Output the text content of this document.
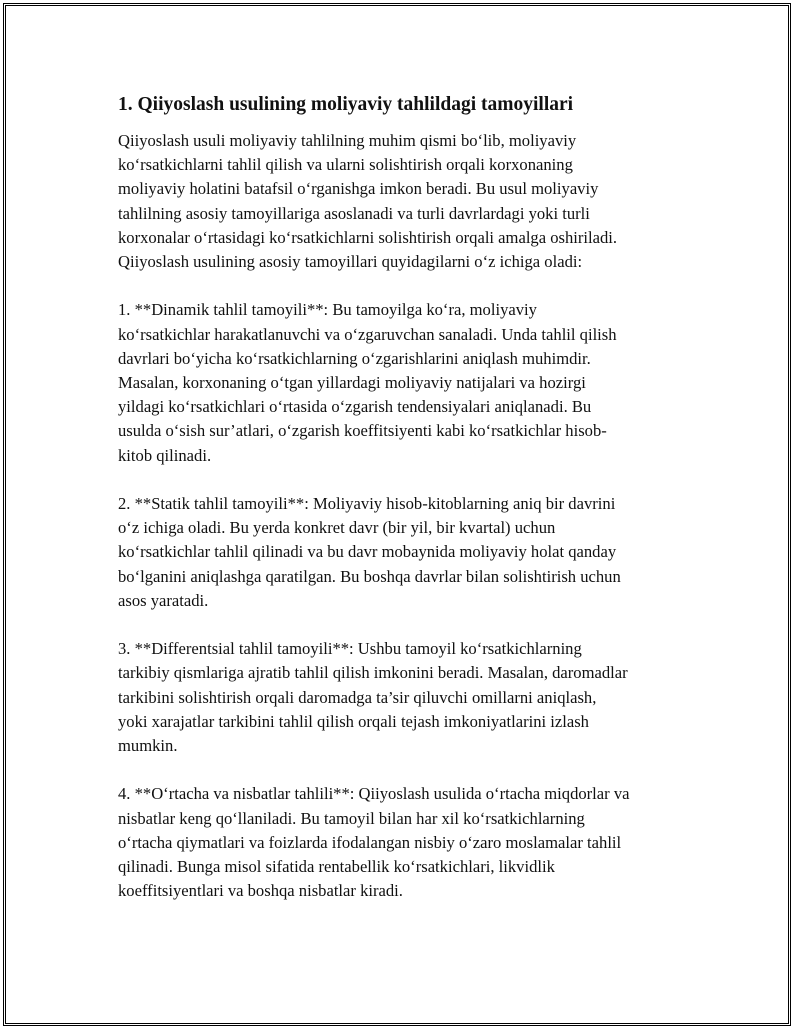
1. Qiiyoslash usulining moliyaviy tahlildagi tamoyillari

Qiiyoslash usuli moliyaviy tahlilning muhim qismi bo‘lib, moliyaviy
ko‘rsatkichlarni tahlil qilish va ularni solishtirish orqali korxonaning
moliyaviy holatini batafsil o‘rganishga imkon beradi. Bu usul moliyaviy
tahlilning asosiy tamoyillariga asoslanadi va turli davrlardagi yoki turli
korxonalar o‘rtasidagi ko‘rsatkichlarni solishtirish orqali amalga oshiriladi.
Qiiyoslash usulining asosiy tamoyillari quyidagilarni o‘z ichiga oladi:

1. **Dinamik tahlil tamoyili**: Bu tamoyilga ko‘ra, moliyaviy
ko‘rsatkichlar harakatlanuvchi va o‘zgaruvchan sanaladi. Unda tahlil qilish
davrlari bo‘yicha ko‘rsatkichlarning o‘zgarishlarini aniqlash muhimdir.
Masalan, korxonaning o‘tgan yillardagi moliyaviy natijalari va hozirgi
yildagi ko‘rsatkichlari o‘rtasida o‘zgarish tendensiyalari aniqlanadi. Bu
usulda o‘sish sur’atlari, o‘zgarish koeffitsiyenti kabi ko‘rsatkichlar hisob-
kitob qilinadi.

2. **Statik tahlil tamoyili**: Moliyaviy hisob-kitoblarning aniq bir davrini
o‘z ichiga oladi. Bu yerda konkret davr (bir yil, bir kvartal) uchun
ko‘rsatkichlar tahlil qilinadi va bu davr mobaynida moliyaviy holat qanday
bo‘lganini aniqlashga qaratilgan. Bu boshqa davrlar bilan solishtirish uchun
asos yaratadi.

3. **Differentsial tahlil tamoyili**: Ushbu tamoyil ko‘rsatkichlarning
tarkibiy qismlariga ajratib tahlil qilish imkonini beradi. Masalan, daromadlar
tarkibini solishtirish orqali daromadga ta’sir qiluvchi omillarni aniqlash,
yoki xarajatlar tarkibini tahlil qilish orqali tejash imkoniyatlarini izlash
mumkin.

4. **O‘rtacha va nisbatlar tahlili**: Qiiyoslash usulida o‘rtacha miqdorlar va
nisbatlar keng qo‘llaniladi. Bu tamoyil bilan har xil ko‘rsatkichlarning
o‘rtacha qiymatlari va foizlarda ifodalangan nisbiy o‘zaro moslamalar tahlil
qilinadi. Bunga misol sifatida rentabellik ko‘rsatkichlari, likvidlik
koeffitsiyentlari va boshqa nisbatlar kiradi.
